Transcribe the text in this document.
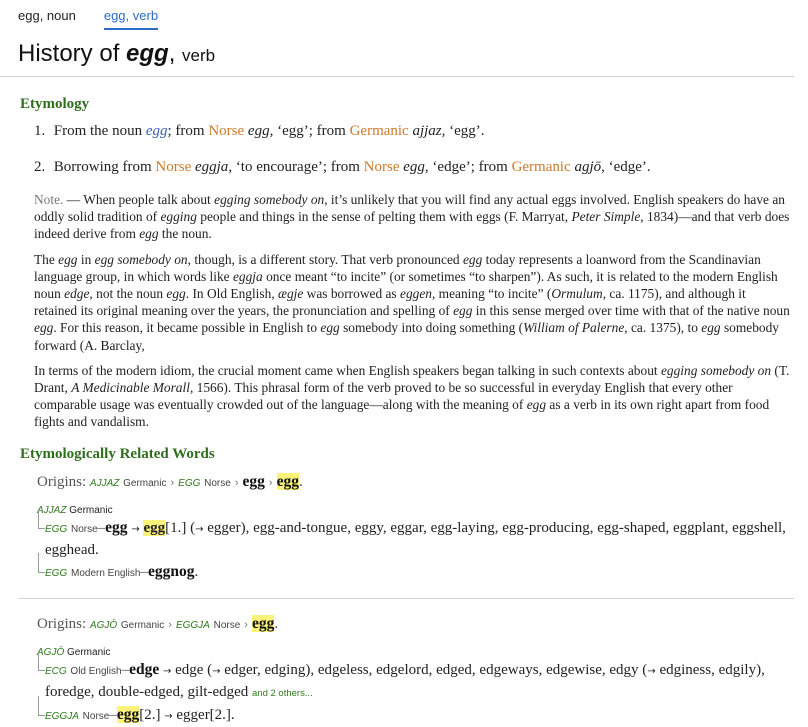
egg, noun egg, verb
History of egg, verb
Etymology
1. From the noun egg; from Norse egg, ‘egg’; from Germanic ajjaz, ‘egg’.
2. Borrowing from Norse eggja, ‘to encourage’; from Norse egg, ‘edge’; from Germanic agjō, ‘edge’.

Note. — When people talk about egging somebody on, it’s unlikely that you will find any actual eggs involved. English speakers do have an oddly solid tradition of egging people and things in the sense of pelting them with eggs (F. Marryat, Peter Simple, 1834)—and that verb does indeed derive from egg the noun.

The egg in egg somebody on, though, is a different story. That verb pronounced egg today represents a loanword from the Scandinavian language group, in which words like eggja once meant “to incite” (or sometimes “to sharpen”). As such, it is related to the modern English noun edge, not the noun egg. In Old English, ægje was borrowed as eggen, meaning “to incite” (Ormulum, ca. 1175), and although it retained its original meaning over the years, the pronunciation and spelling of egg in this sense merged over time with that of the native noun egg. For this reason, it became possible in English to egg somebody into doing something (William of Palerne, ca. 1375), to egg somebody forward (A. Barclay,

In terms of the modern idiom, the crucial moment came when English speakers began talking in such contexts about egging somebody on (T. Drant, A Medicinable Morall, 1566). This phrasal form of the verb proved to be so successful in everyday English that every other comparable usage was eventually crowded out of the language—along with the meaning of egg as a verb in its own right apart from food fights and vandalism.

Etymologically Related Words
Origins: AJJAZ Germanic › EGG Norse › egg › egg.
AJJAZ Germanic
EGG Norse–egg → egg[1.] (→ egger), egg-and-tongue, eggy, eggar, egg-laying, egg-producing, egg-shaped, eggplant, eggshell, egghead.
EGG Modern English–eggnog.
Origins: AGJŌ Germanic › EGGJA Norse › egg.
AGJŌ Germanic
ECG Old English–edge → edge (→ edger, edging), edgeless, edgelord, edged, edgeways, edgewise, edgy (→ edginess, edgily), foredge, double-edged, gilt-edged and 2 others...
EGGJA Norse–egg[2.] → egger[2.].
